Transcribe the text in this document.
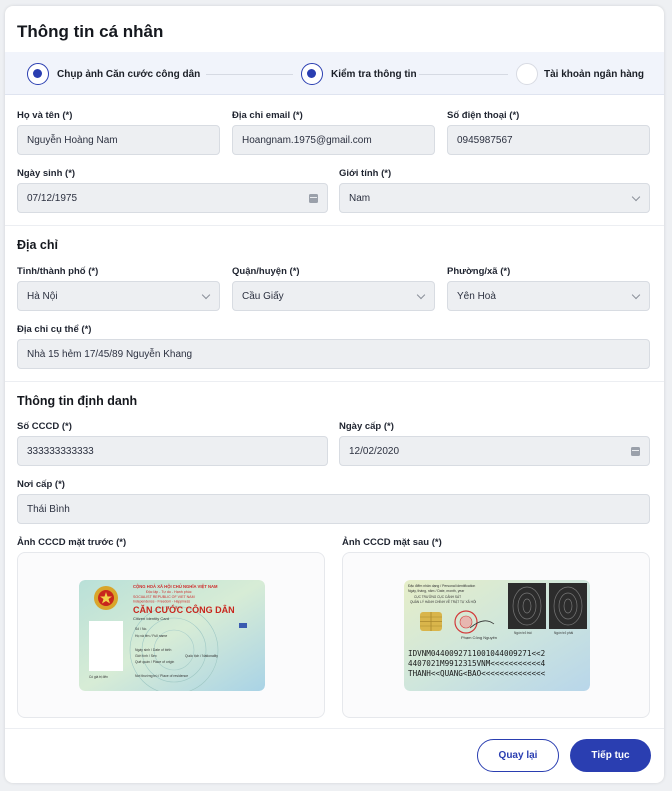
Thông tin cá nhân
Chụp ảnh Căn cước công dân	Kiểm tra thông tin	Tài khoản ngân hàng
Họ và tên (*)
Nguyễn Hoàng Nam
Địa chỉ email (*)
Hoangnam.1975@gmail.com
Số điện thoại (*)
0945987567
Ngày sinh (*)
07/12/1975
Giới tính (*)
Nam
Địa chỉ
Tỉnh/thành phố (*)
Hà Nội
Quận/huyện (*)
Cầu Giấy
Phường/xã (*)
Yên Hoà
Địa chỉ cụ thể (*)
Nhà 15 hẻm 17/45/89 Nguyễn Khang
Thông tin định danh
Số CCCD (*)
333333333333
Ngày cấp (*)
12/02/2020
Nơi cấp (*)
Thái Bình
Ảnh CCCD mặt trước (*)	Ảnh CCCD mặt sau (*)
CỘNG HOÀ XÃ HỘI CHỦ NGHĨA VIỆT NAM
Độc lập - Tự do - Hạnh phúc
SOCIALIST REPUBLIC OF VIET NAM
Independence - Freedom - Happiness
CĂN CƯỚC CÔNG DÂN
Citizen Identity Card
Số / No.
Họ và tên / Full name
Ngày sinh / Date of birth
Giới tính / Sex	Quốc tịch / Nationality
Quê quán / Place of origin
Nơi thường trú / Place of residence
Có giá trị đến
Đặc điểm nhân dạng / Personal identification
Ngày, tháng, năm / Date, month, year
CỤC TRƯỞNG CỤC CẢNH SÁT
QUẢN LÝ HÀNH CHÍNH VỀ TRẬT TỰ XÃ HỘI
Phạm Công Nguyên
Ngón trỏ trái	Ngón trỏ phải
IDVNM0440092711001044009271<<2
4407021M9912315VNM<<<<<<<<<<<4
THANH<<QUANG<BAO<<<<<<<<<<<<<<
Quay lại	Tiếp tục
